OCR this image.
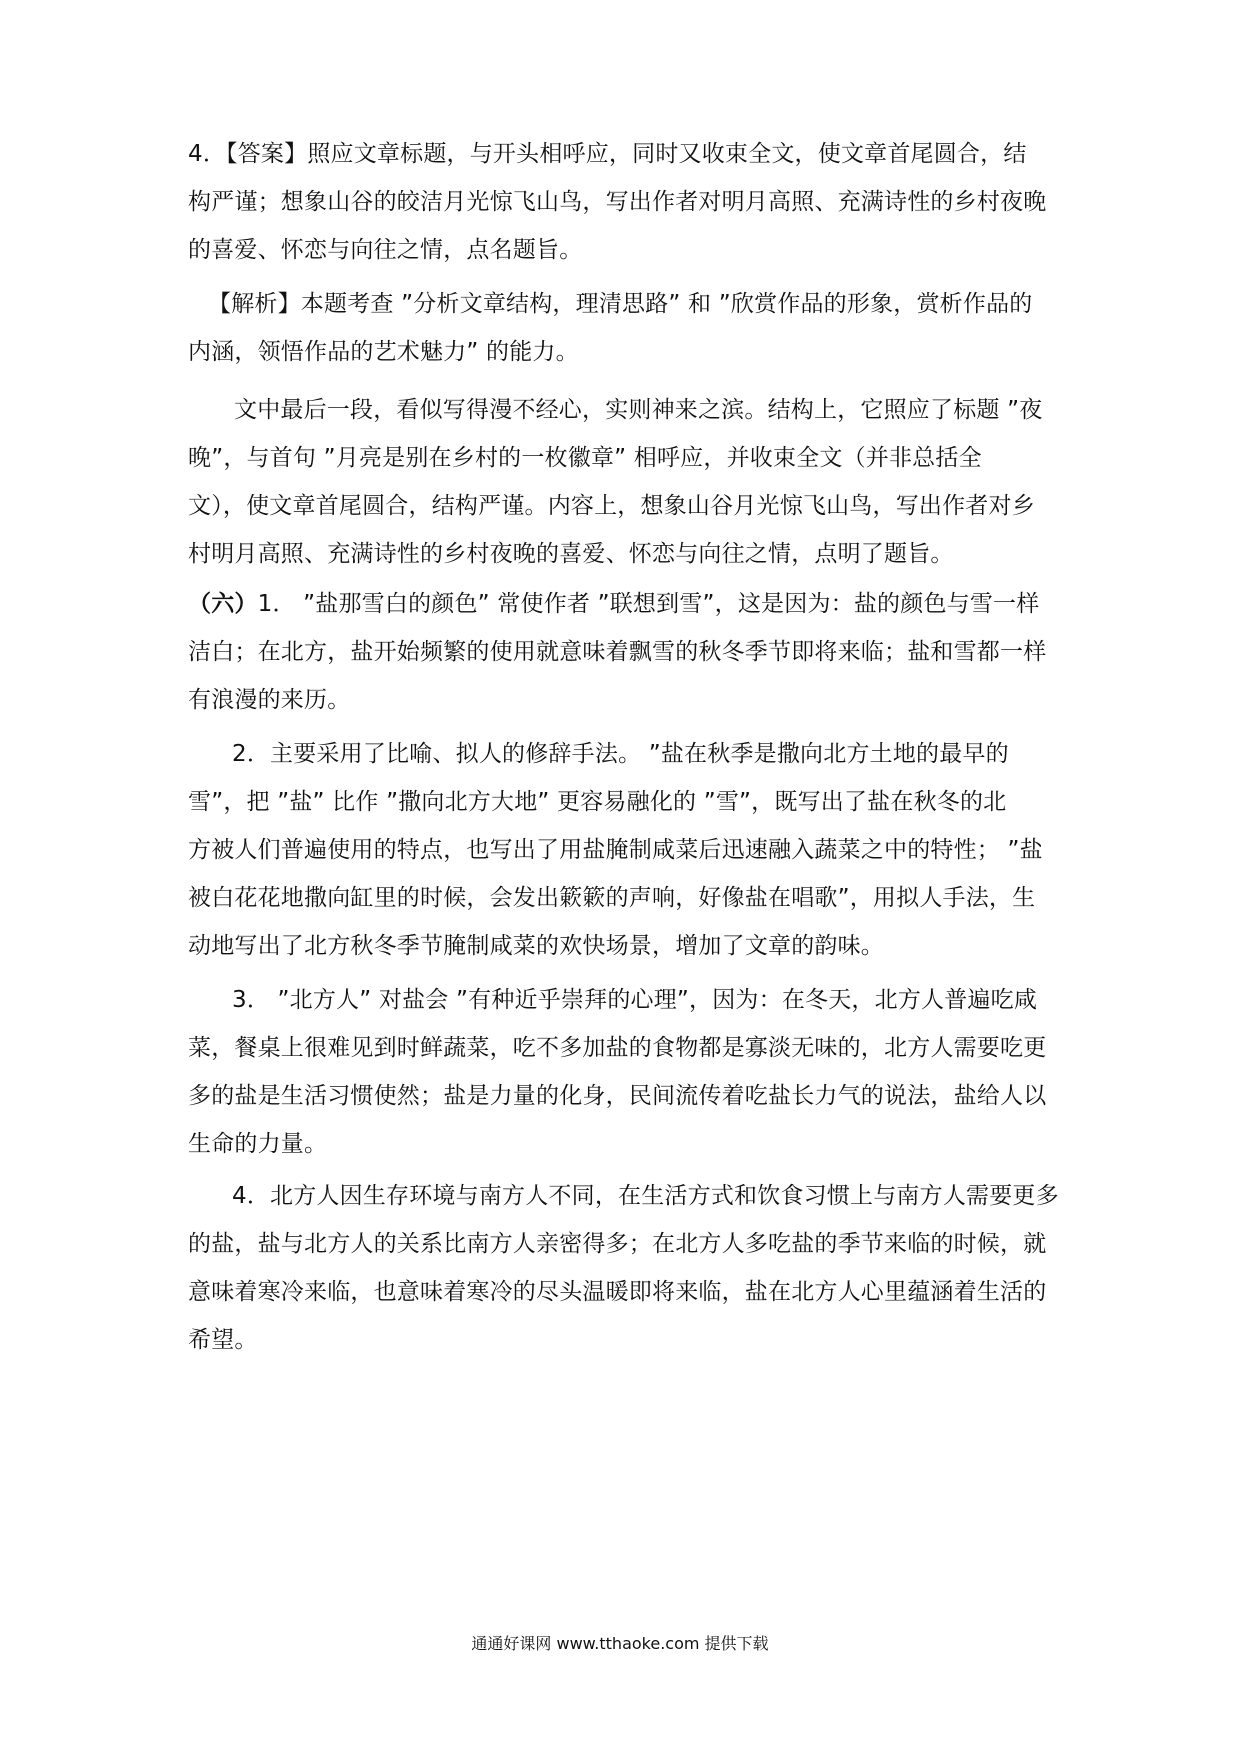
4．【答案】照应文章标题，与开头相呼应，同时又收束全文，使文章首尾圆合，结
构严谨；想象山谷的皎洁月光惊飞山鸟，写出作者对明月高照、充满诗性的乡村夜晚
的喜爱、怀恋与向往之情，点名题旨。
【解析】本题考查 ”分析文章结构，理清思路” 和 ”欣赏作品的形象，赏析作品的
内涵，领悟作品的艺术魅力” 的能力。
文中最后一段，看似写得漫不经心，实则神来之滨。结构上，它照应了标题 ”夜
晚”，与首句 ”月亮是别在乡村的一枚徽章” 相呼应，并收束全文（并非总括全
文），使文章首尾圆合，结构严谨。内容上，想象山谷月光惊飞山鸟，写出作者对乡
村明月高照、充满诗性的乡村夜晚的喜爱、怀恋与向往之情，点明了题旨。
（六）1． ”盐那雪白的颜色” 常使作者 ”联想到雪”，这是因为：盐的颜色与雪一样
洁白；在北方，盐开始频繁的使用就意味着飘雪的秋冬季节即将来临；盐和雪都一样
有浪漫的来历。
2．主要采用了比喻、拟人的修辞手法。 ”盐在秋季是撒向北方土地的最早的
雪”，把 ”盐” 比作 ”撒向北方大地” 更容易融化的 ”雪”，既写出了盐在秋冬的北
方被人们普遍使用的特点，也写出了用盐腌制咸菜后迅速融入蔬菜之中的特性； ”盐
被白花花地撒向缸里的时候，会发出簌簌的声响，好像盐在唱歌”，用拟人手法，生
动地写出了北方秋冬季节腌制咸菜的欢快场景，增加了文章的韵味。
3． ”北方人” 对盐会 ”有种近乎崇拜的心理”，因为：在冬天，北方人普遍吃咸
菜，餐桌上很难见到时鲜蔬菜，吃不多加盐的食物都是寡淡无味的，北方人需要吃更
多的盐是生活习惯使然；盐是力量的化身，民间流传着吃盐长力气的说法，盐给人以
生命的力量。
4．北方人因生存环境与南方人不同，在生活方式和饮食习惯上与南方人需要更多
的盐，盐与北方人的关系比南方人亲密得多；在北方人多吃盐的季节来临的时候，就
意味着寒冷来临，也意味着寒冷的尽头温暖即将来临，盐在北方人心里蕴涵着生活的
希望。
通通好课网 www.tthaoke.com 提供下载
